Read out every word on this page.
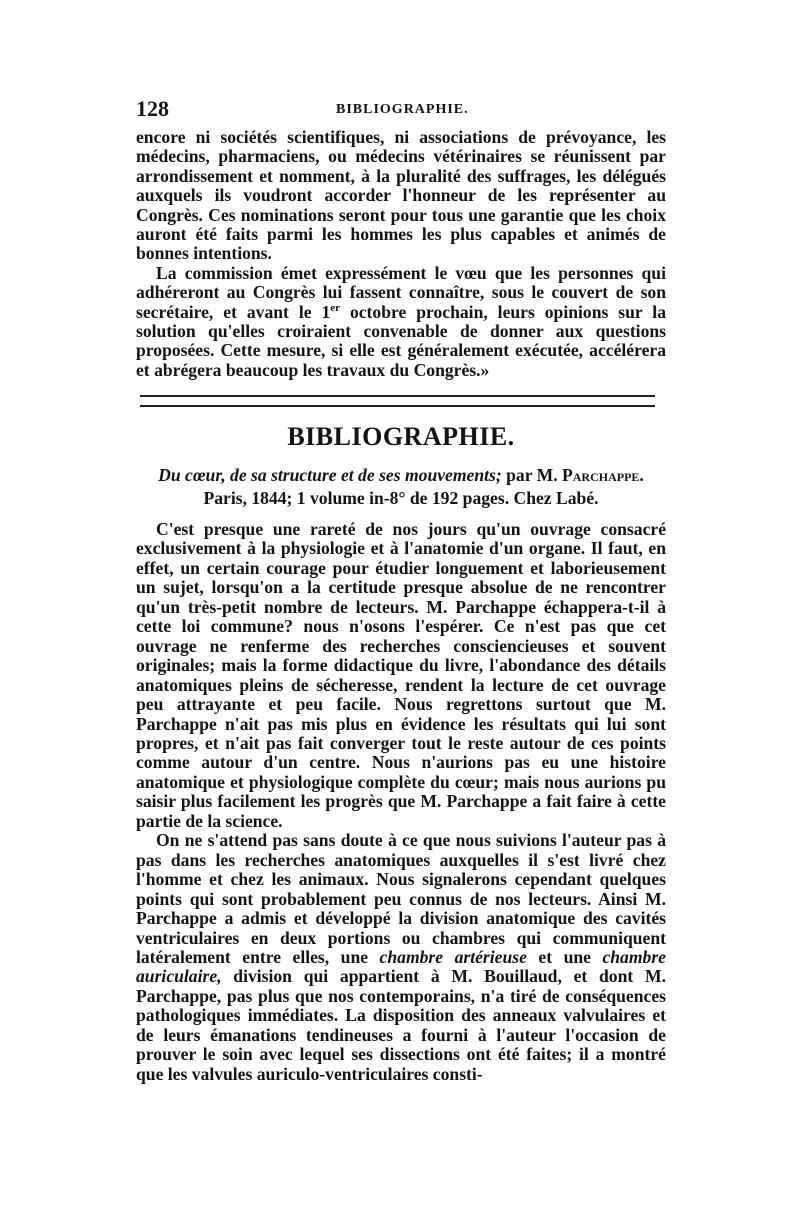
128	BIBLIOGRAPHIE.

encore ni sociétés scientifiques, ni associations de prévoyance, les médecins, pharmaciens, ou médecins vétérinaires se réunissent par arrondissement et nomment, à la pluralité des suffrages, les délégués auxquels ils voudront accorder l'honneur de les représenter au Congrès. Ces nominations seront pour tous une garantie que les choix auront été faits parmi les hommes les plus capables et animés de bonnes intentions.

La commission émet expressément le vœu que les personnes qui adhéreront au Congrès lui fassent connaître, sous le couvert de son secrétaire, et avant le 1er octobre prochain, leurs opinions sur la solution qu'elles croiraient convenable de donner aux questions proposées. Cette mesure, si elle est généralement exécutée, accélérera et abrégera beaucoup les travaux du Congrès.»

BIBLIOGRAPHIE.
Du cœur, de sa structure et de ses mouvements; par M. Parchappe.
Paris, 1844; 1 volume in-8° de 192 pages. Chez Labé.

C'est presque une rareté de nos jours qu'un ouvrage consacré exclusivement à la physiologie et à l'anatomie d'un organe. Il faut, en effet, un certain courage pour étudier longuement et laborieusement un sujet, lorsqu'on a la certitude presque absolue de ne rencontrer qu'un très-petit nombre de lecteurs. M. Parchappe échappera-t-il à cette loi commune? nous n'osons l'espérer. Ce n'est pas que cet ouvrage ne renferme des recherches consciencieuses et souvent originales; mais la forme didactique du livre, l'abondance des détails anatomiques pleins de sécheresse, rendent la lecture de cet ouvrage peu attrayante et peu facile. Nous regrettons surtout que M. Parchappe n'ait pas mis plus en évidence les résultats qui lui sont propres, et n'ait pas fait converger tout le reste autour de ces points comme autour d'un centre. Nous n'aurions pas eu une histoire anatomique et physiologique complète du cœur; mais nous aurions pu saisir plus facilement les progrès que M. Parchappe a fait faire à cette partie de la science.

On ne s'attend pas sans doute à ce que nous suivions l'auteur pas à pas dans les recherches anatomiques auxquelles il s'est livré chez l'homme et chez les animaux. Nous signalerons cependant quelques points qui sont probablement peu connus de nos lecteurs. Ainsi M. Parchappe a admis et développé la division anatomique des cavités ventriculaires en deux portions ou chambres qui communiquent latéralement entre elles, une chambre artérieuse et une chambre auriculaire, division qui appartient à M. Bouillaud, et dont M. Parchappe, pas plus que nos contemporains, n'a tiré de conséquences pathologiques immédiates. La disposition des anneaux valvulaires et de leurs émanations tendineuses a fourni à l'auteur l'occasion de prouver le soin avec lequel ses dissections ont été faites; il a montré que les valvules auriculo-ventriculaires consti-
